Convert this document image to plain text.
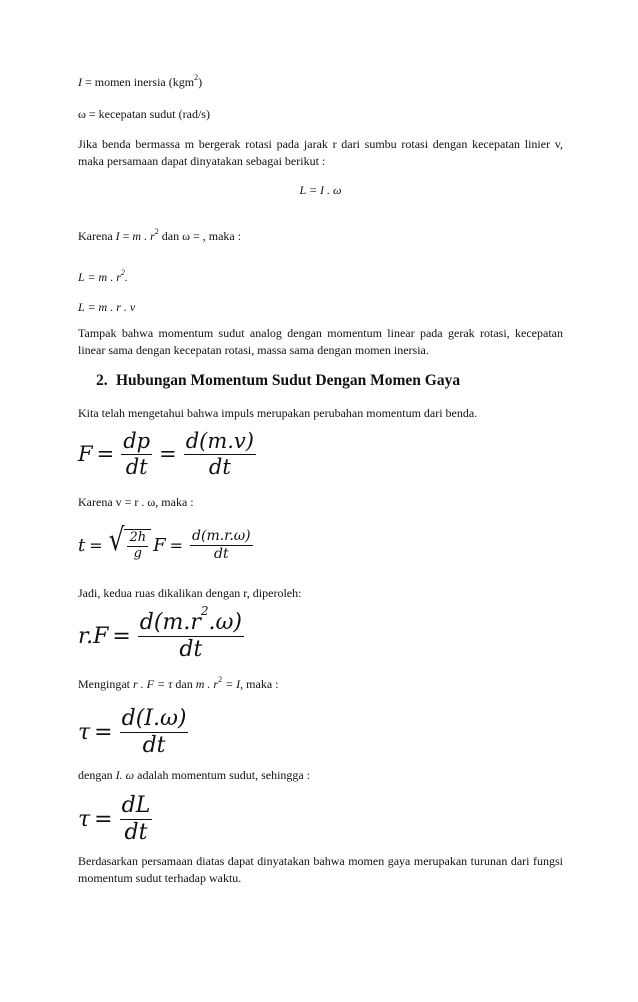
I = momen inersia (kgm$^2$)
ω = kecepatan sudut (rad/s)
Jika benda bermassa m bergerak rotasi pada jarak r dari sumbu rotasi dengan kecepatan linier v, maka persamaan dapat dinyatakan sebagai berikut :
L = I . ω
Karena I = m . $r^2$ dan ω = , maka :
L = m . $r^2$.
L = m . r . v
Tampak bahwa momentum sudut analog dengan momentum linear pada gerak rotasi, kecepatan linear sama dengan kecepatan rotasi, massa sama dengan momen inersia.
2. Hubungan Momentum Sudut Dengan Momen Gaya
Kita telah mengetahui bahwa impuls merupakan perubahan momentum dari benda.
$F = \frac{dp}{dt} = \frac{d(m.v)}{dt}$
Karena v = r . ω, maka :
t = √ $\frac{2h}{g}$ $F = \frac{d(m.r.\omega)}{dt}$
Jadi, kedua ruas dikalikan dengan r, diperoleh:
$r.F = \frac{d(m.r^2.\omega)}{dt}$
Mengingat r . F = τ dan m . $r^2 = I$, maka :
$\tau = \frac{d(I.\omega)}{dt}$
dengan I. ω adalah momentum sudut, sehingga :
$\tau = \frac{dL}{dt}$
Berdasarkan persamaan diatas dapat dinyatakan bahwa momen gaya merupakan turunan dari fungsi momentum sudut terhadap waktu.
